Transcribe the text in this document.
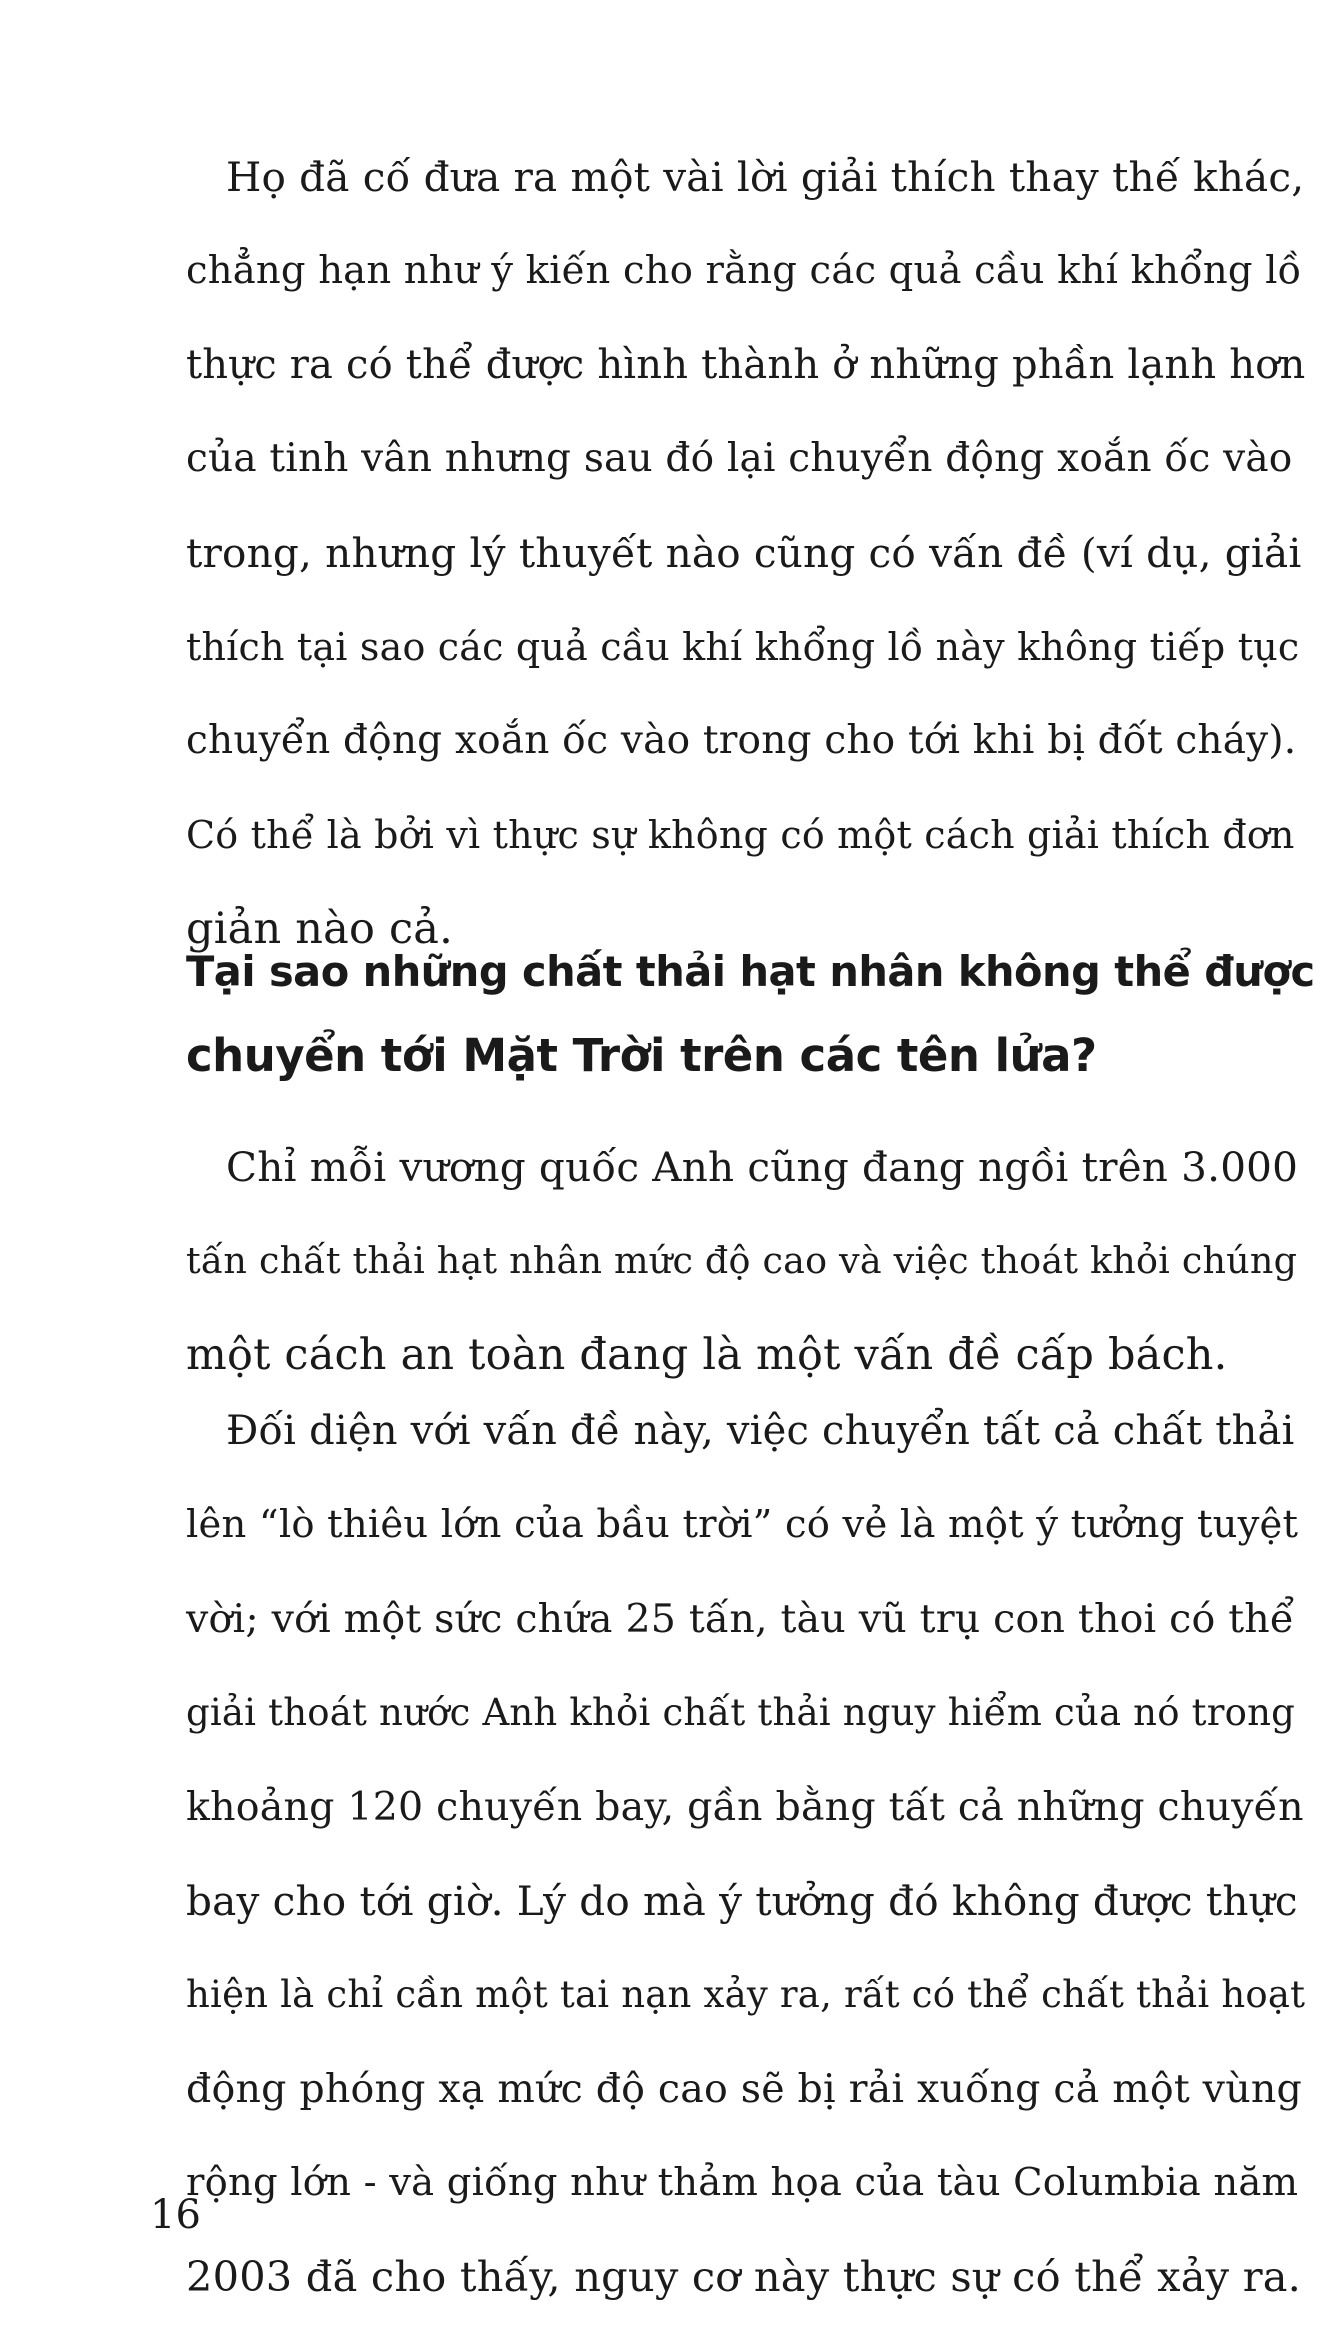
Họ đã cố đưa ra một vài lời giải thích thay thế khác,
chẳng hạn như ý kiến cho rằng các quả cầu khí khổng lồ
thực ra có thể được hình thành ở những phần lạnh hơn
của tinh vân nhưng sau đó lại chuyển động xoắn ốc vào
trong, nhưng lý thuyết nào cũng có vấn đề (ví dụ, giải
thích tại sao các quả cầu khí khổng lồ này không tiếp tục
chuyển động xoắn ốc vào trong cho tới khi bị đốt cháy).
Có thể là bởi vì thực sự không có một cách giải thích đơn
giản nào cả.
Tại sao những chất thải hạt nhân không thể được
chuyển tới Mặt Trời trên các tên lửa?
Chỉ mỗi vương quốc Anh cũng đang ngồi trên 3.000
tấn chất thải hạt nhân mức độ cao và việc thoát khỏi chúng
một cách an toàn đang là một vấn đề cấp bách.
Đối diện với vấn đề này, việc chuyển tất cả chất thải
lên “lò thiêu lớn của bầu trời” có vẻ là một ý tưởng tuyệt
vời; với một sức chứa 25 tấn, tàu vũ trụ con thoi có thể
giải thoát nước Anh khỏi chất thải nguy hiểm của nó trong
khoảng 120 chuyến bay, gần bằng tất cả những chuyến
bay cho tới giờ. Lý do mà ý tưởng đó không được thực
hiện là chỉ cần một tai nạn xảy ra, rất có thể chất thải hoạt
động phóng xạ mức độ cao sẽ bị rải xuống cả một vùng
rộng lớn - và giống như thảm họa của tàu Columbia năm
2003 đã cho thấy, nguy cơ này thực sự có thể xảy ra.
16
